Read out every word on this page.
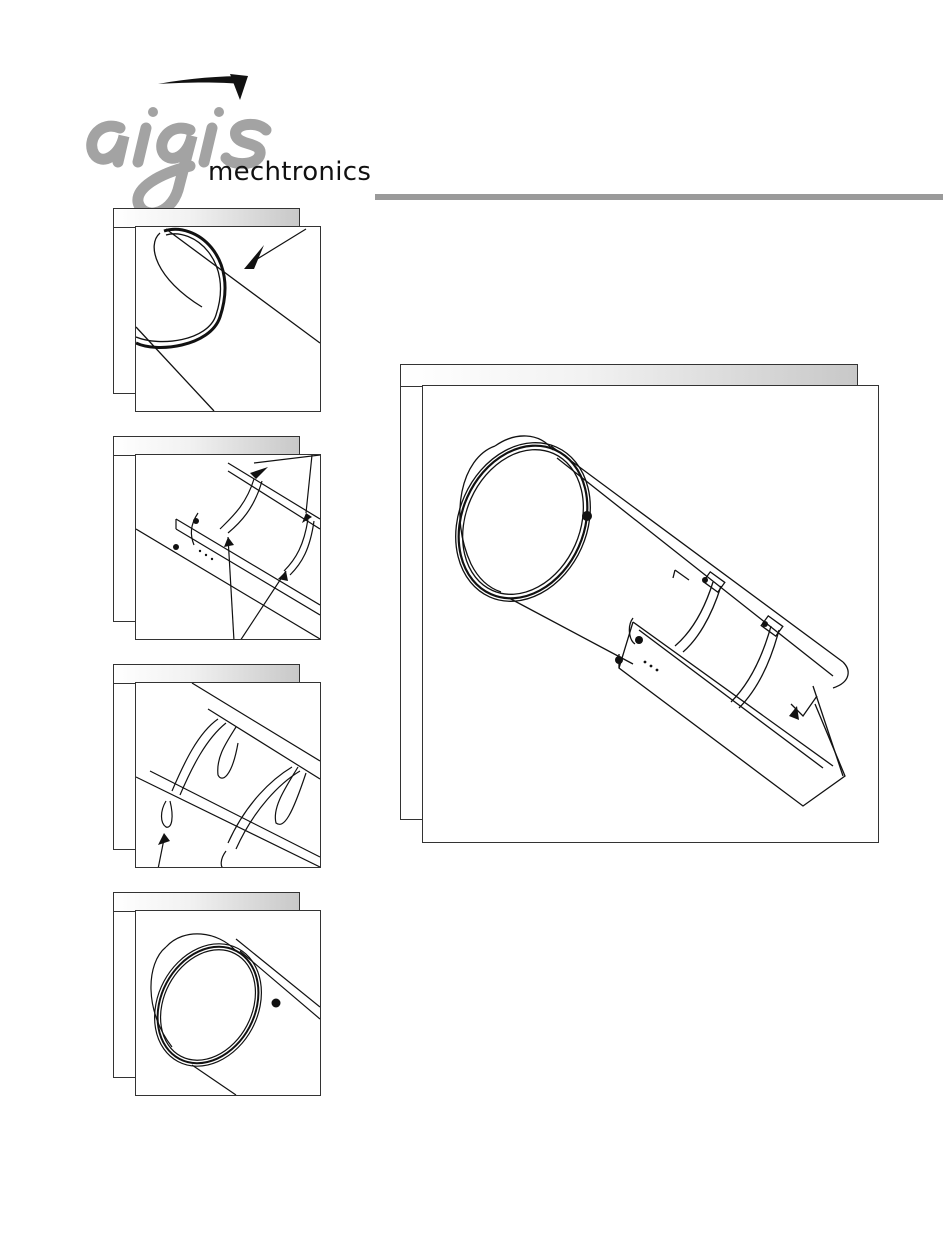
mechtronics
